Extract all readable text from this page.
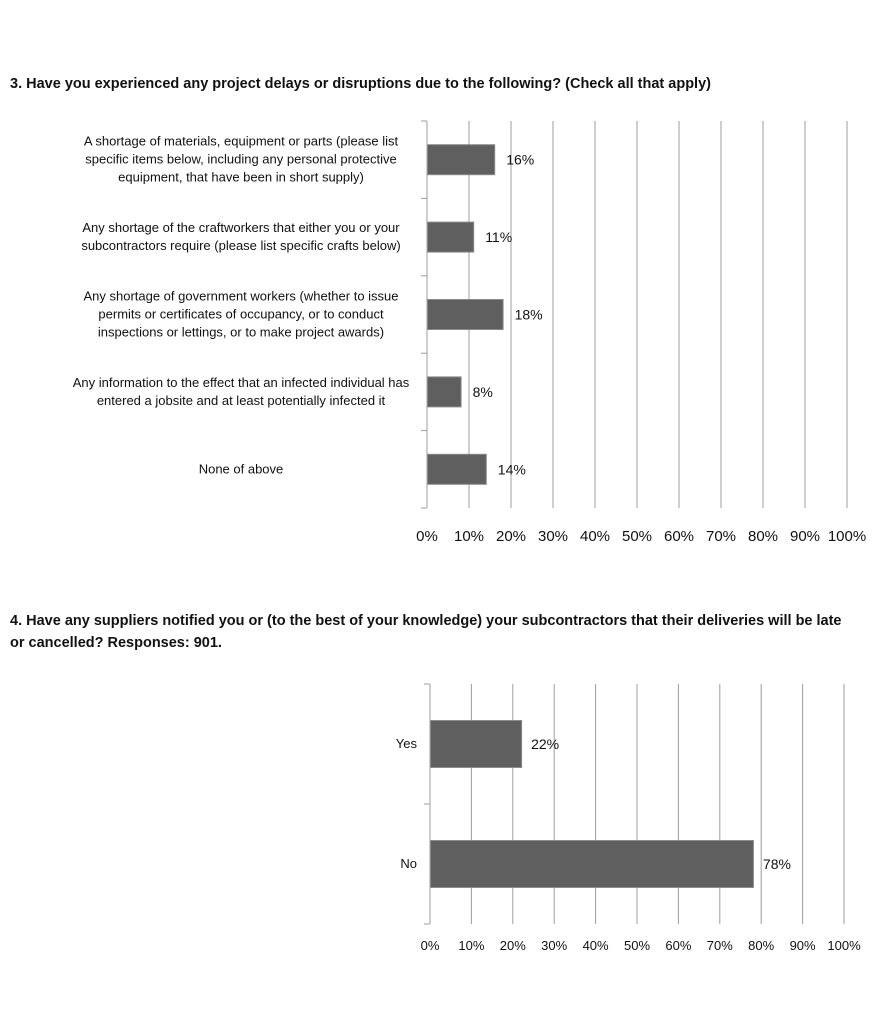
3. Have you experienced any project delays or disruptions due to the following? (Check all that apply)
0% 10% 20% 30% 40% 50% 60% 70% 80% 90% 100%
16%
A shortage of materials, equipment or parts (please list
specific items below, including any personal protective
equipment, that have been in short supply)
11%
Any shortage of the craftworkers that either you or your
subcontractors require (please list specific crafts below)
18%
Any shortage of government workers (whether to issue
permits or certificates of occupancy, or to conduct
inspections or lettings, or to make project awards)
8%
Any information to the effect that an infected individual has
entered a jobsite and at least potentially infected it
14%
None of above
4. Have any suppliers notified you or (to the best of your knowledge) your subcontractors that their deliveries will be late or cancelled? Responses: 901.
0% 10% 20% 30% 40% 50% 60% 70% 80% 90% 100%
22%
Yes
78%
No
